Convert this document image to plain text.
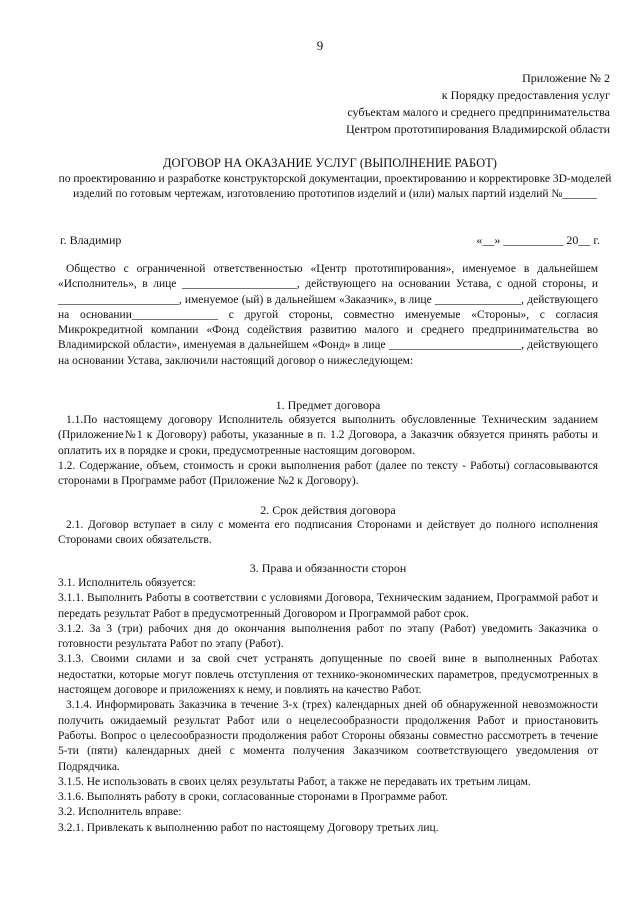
9
Приложение № 2
к Порядку предоставления услуг
субъектам малого и среднего предпринимательства
Центром прототипирования Владимирской области
ДОГОВОР НА ОКАЗАНИЕ УСЛУГ (ВЫПОЛНЕНИЕ РАБОТ)
по проектированию и разработке конструкторской документации, проектированию и корректировке 3D-моделей изделий по готовым чертежам, изготовлению прототипов изделий и (или) малых партий изделий №______
г. Владимир	«__» __________ 20__ г.

Общество с ограниченной ответственностью «Центр прототипирования», именуемое в дальнейшем «Исполнитель», в лице ____________________, действующего на основании Устава, с одной стороны, и _____________________, именуемое (ый) в дальнейшем «Заказчик», в лице _______________, действующего на основании_______________ с другой стороны, совместно именуемые «Стороны», с согласия Микрокредитной компании «Фонд содействия развитию малого и среднего предпринимательства во Владимирской области», именуемая в дальнейшем «Фонд» в лице _______________________, действующего на основании Устава, заключили настоящий договор о нижеследующем:

1. Предмет договора

1.1.По настоящему договору Исполнитель обязуется выполнить обусловленные Техническим заданием (Приложение№1 к Договору) работы, указанные в п. 1.2 Договора, а Заказчик обязуется принять работы и оплатить их в порядке и сроки, предусмотренные настоящим договором.

1.2. Содержание, объем, стоимость и сроки выполнения работ (далее по тексту - Работы) согласовываются сторонами в Программе работ (Приложение №2 к Договору).

2. Срок действия договора

2.1. Договор вступает в силу с момента его подписания Сторонами и действует до полного исполнения Сторонами своих обязательств.

3. Права и обязанности сторон

3.1. Исполнитель обязуется:

3.1.1. Выполнить Работы в соответствии с условиями Договора, Техническим заданием, Программой работ и передать результат Работ в предусмотренный Договором и Программой работ срок.

3.1.2. За 3 (три) рабочих дня до окончания выполнения работ по этапу (Работ) уведомить Заказчика о готовности результата Работ по этапу (Работ).

3.1.3. Своими силами и за свой счет устранять допущенные по своей вине в выполненных Работах недостатки, которые могут повлечь отступления от технико-экономических параметров, предусмотренных в настоящем договоре и приложениях к нему, и повлиять на качество Работ.

3.1.4. Информировать Заказчика в течение 3-х (трех) календарных дней об обнаруженной невозможности получить ожидаемый результат Работ или о нецелесообразности продолжения Работ и приостановить Работы. Вопрос о целесообразности продолжения работ Стороны обязаны совместно рассмотреть в течение 5-ти (пяти) календарных дней с момента получения Заказчиком соответствующего уведомления от Подрядчика.

3.1.5. Не использовать в своих целях результаты Работ, а также не передавать их третьим лицам.

3.1.6. Выполнять работу в сроки, согласованные сторонами в Программе работ.

3.2. Исполнитель вправе:

3.2.1. Привлекать к выполнению работ по настоящему Договору третьих лиц.
